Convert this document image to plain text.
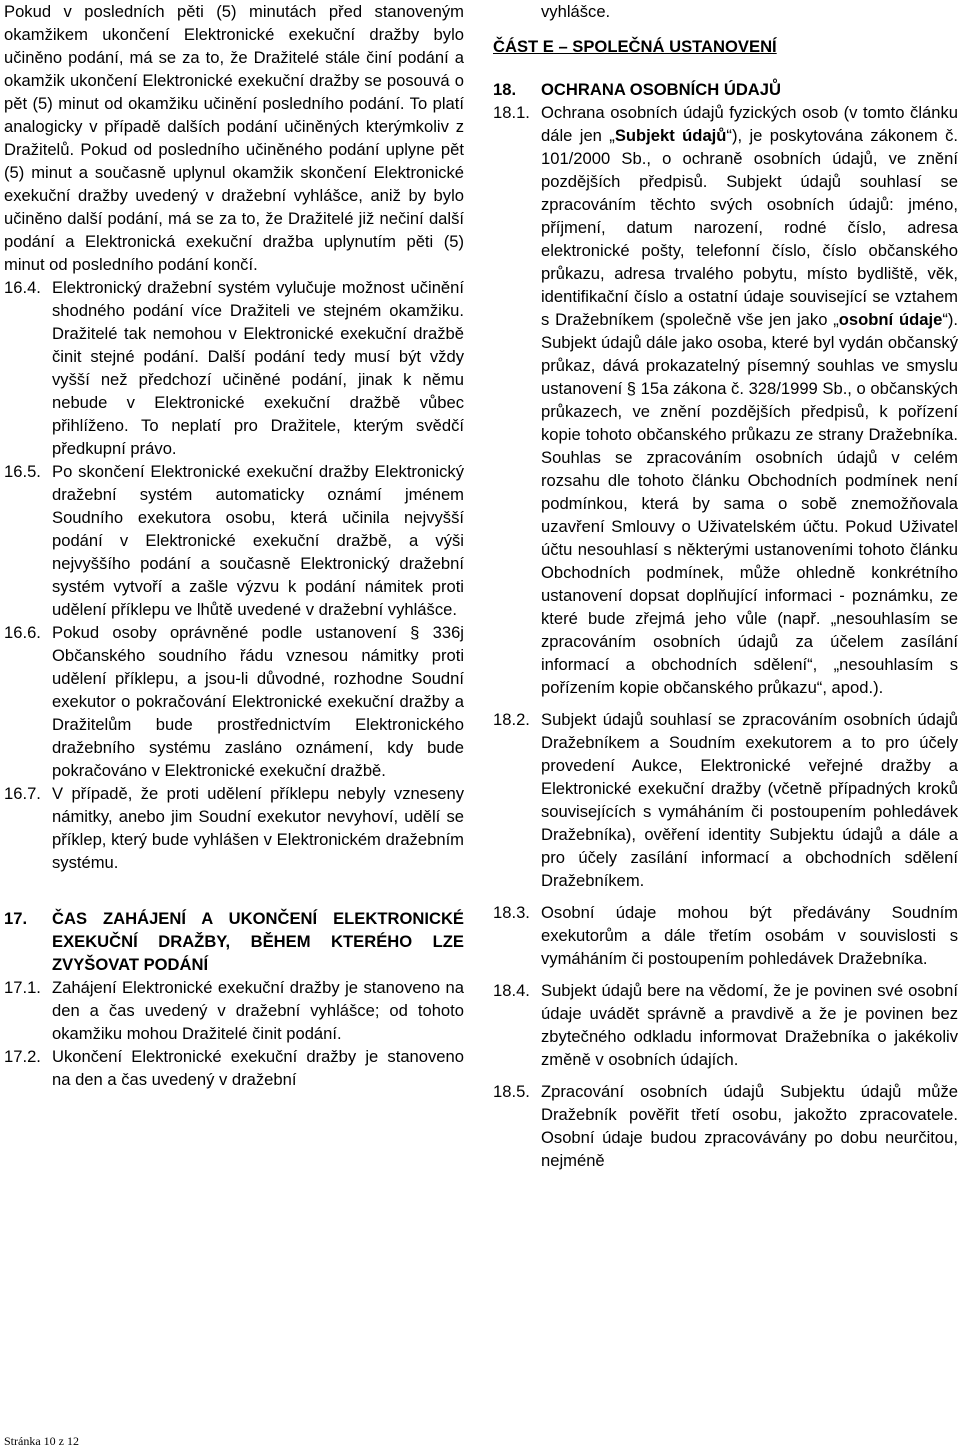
Pokud v posledních pěti (5) minutách před stanoveným okamžikem ukončení Elektronické exekuční dražby bylo učiněno podání, má se za to, že Dražitelé stále činí podání a okamžik ukončení Elektronické exekuční dražby se posouvá o pět (5) minut od okamžiku učinění posledního podání. To platí analogicky v případě dalších podání učiněných kterýmkoliv z Dražitelů. Pokud od posledního učiněného podání uplyne pět (5) minut a současně uplynul okamžik skončení Elektronické exekuční dražby uvedený v dražební vyhlášce, aniž by bylo učiněno další podání, má se za to, že Dražitelé již nečiní další podání a Elektronická exekuční dražba uplynutím pěti (5) minut od posledního podání končí.

16.4. Elektronický dražební systém vylučuje možnost učinění shodného podání více Dražiteli ve stejném okamžiku. Dražitelé tak nemohou v Elektronické exekuční dražbě činit stejné podání. Další podání tedy musí být vždy vyšší než předchozí učiněné podání, jinak k němu nebude v Elektronické exekuční dražbě vůbec přihlíženo. To neplatí pro Dražitele, kterým svědčí předkupní právo.
16.5. Po skončení Elektronické exekuční dražby Elektronický dražební systém automaticky oznámí jménem Soudního exekutora osobu, která učinila nejvyšší podání v Elektronické exekuční dražbě, a výši nejvyššího podání a současně Elektronický dražební systém vytvoří a zašle výzvu k podání námitek proti udělení příklepu ve lhůtě uvedené v dražební vyhlášce.
16.6. Pokud osoby oprávněné podle ustanovení § 336j Občanského soudního řádu vznesou námitky proti udělení příklepu, a jsou-li důvodné, rozhodne Soudní exekutor o pokračování Elektronické exekuční dražby a Dražitelům bude prostřednictvím Elektronického dražebního systému zasláno oznámení, kdy bude pokračováno v Elektronické exekuční dražbě.
16.7. V případě, že proti udělení příklepu nebyly vzneseny námitky, anebo jim Soudní exekutor nevyhoví, udělí se příklep, který bude vyhlášen v Elektronickém dražebním systému.
17.	ČAS ZAHÁJENÍ A UKONČENÍ ELEKTRONICKÉ EXEKUČNÍ DRAŽBY, BĚHEM KTERÉHO LZE ZVYŠOVAT PODÁNÍ
17.1. Zahájení Elektronické exekuční dražby je stanoveno na den a čas uvedený v dražební vyhlášce; od tohoto okamžiku mohou Dražitelé činit podání.
17.2. Ukončení Elektronické exekuční dražby je stanoveno na den a čas uvedený v dražební

vyhlášce.

ČÁST E – SPOLEČNÁ USTANOVENÍ

18.	OCHRANA OSOBNÍCH ÚDAJŮ
18.1. Ochrana osobních údajů fyzických osob (v tomto článku dále jen „Subjekt údajů“), je poskytována zákonem č. 101/2000 Sb., o ochraně osobních údajů, ve znění pozdějších předpisů. Subjekt údajů souhlasí se zpracováním těchto svých osobních údajů: jméno, příjmení, datum narození, rodné číslo, adresa elektronické pošty, telefonní číslo, číslo občanského průkazu, adresa trvalého pobytu, místo bydliště, věk, identifikační číslo a ostatní údaje související se vztahem s Dražebníkem (společně vše jen jako „osobní údaje“). Subjekt údajů dále jako osoba, které byl vydán občanský průkaz, dává prokazatelný písemný souhlas ve smyslu ustanovení § 15a zákona č. 328/1999 Sb., o občanských průkazech, ve znění pozdějších předpisů, k pořízení kopie tohoto občanského průkazu ze strany Dražebníka. Souhlas se zpracováním osobních údajů v celém rozsahu dle tohoto článku Obchodních podmínek není podmínkou, která by sama o sobě znemožňovala uzavření Smlouvy o Uživatelském účtu. Pokud Uživatel účtu nesouhlasí s některými ustanoveními tohoto článku Obchodních podmínek, může ohledně konkrétního ustanovení dopsat doplňující informaci - poznámku, ze které bude zřejmá jeho vůle (např. „nesouhlasím se zpracováním osobních údajů za účelem zasílání informací a obchodních sdělení“, „nesouhlasím s pořízením kopie občanského průkazu“, apod.).
18.2. Subjekt údajů souhlasí se zpracováním osobních údajů Dražebníkem a Soudním exekutorem a to pro účely provedení Aukce, Elektronické veřejné dražby a Elektronické exekuční dražby (včetně případných kroků souvisejících s vymáháním či postoupením pohledávek Dražebníka), ověření identity Subjektu údajů a dále a pro účely zasílání informací a obchodních sdělení Dražebníkem.
18.3. Osobní údaje mohou být předávány Soudním exekutorům a dále třetím osobám v souvislosti s vymáháním či postoupením pohledávek Dražebníka.
18.4. Subjekt údajů bere na vědomí, že je povinen své osobní údaje uvádět správně a pravdivě a že je povinen bez zbytečného odkladu informovat Dražebníka o jakékoliv změně v osobních údajích.
18.5. Zpracování osobních údajů Subjektu údajů může Dražebník pověřit třetí osobu, jakožto zpracovatele. Osobní údaje budou zpracovávány po dobu neurčitou, nejméně
Stránka 10 z 12
